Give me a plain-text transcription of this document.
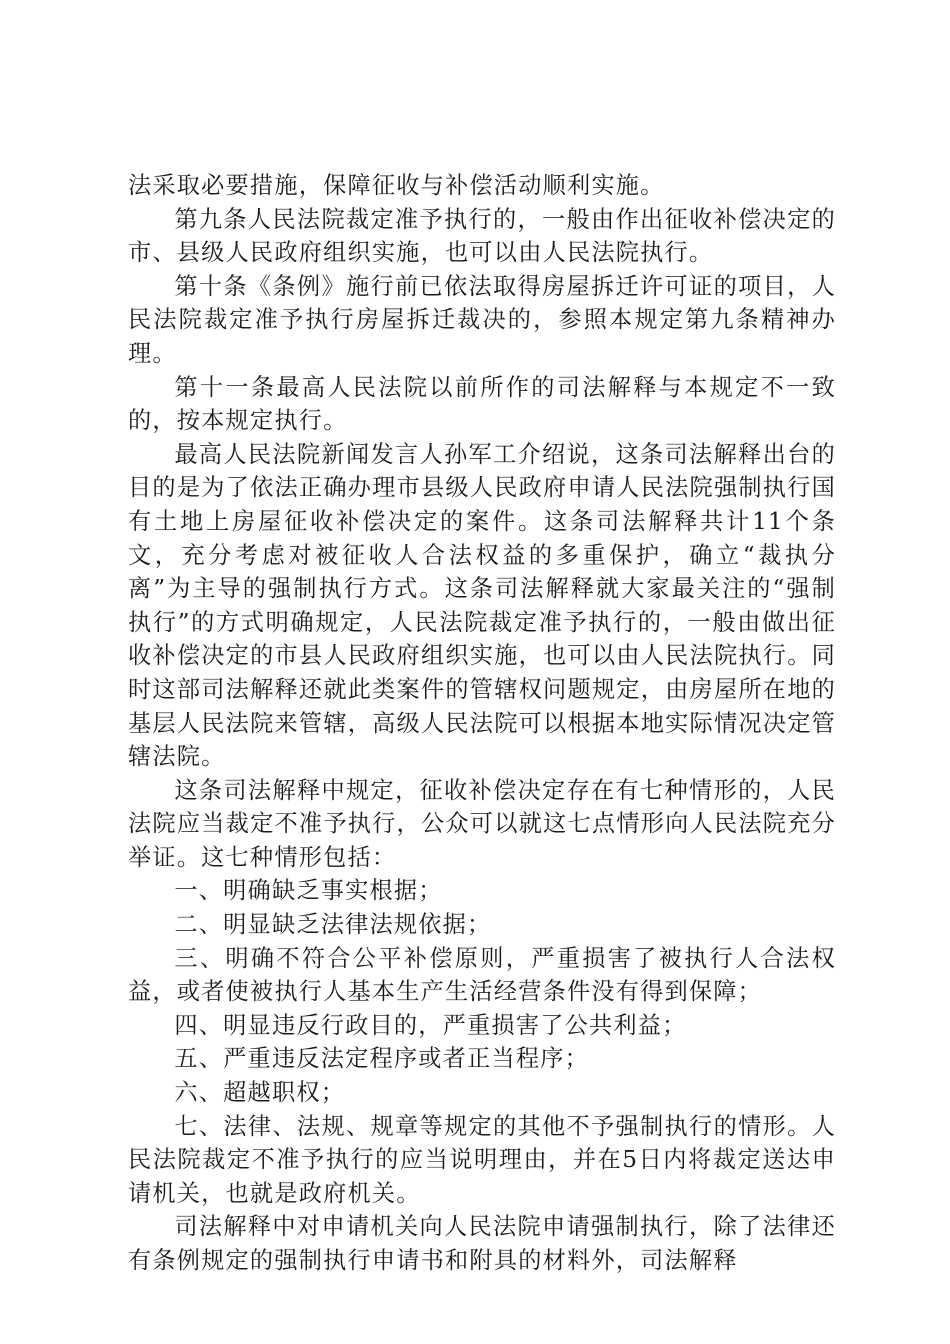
法采取必要措施，保障征收与补偿活动顺利实施。

第九条人民法院裁定准予执行的，一般由作出征收补偿决定的市、县级人民政府组织实施，也可以由人民法院执行。

第十条《条例》施行前已依法取得房屋拆迁许可证的项目，人民法院裁定准予执行房屋拆迁裁决的，参照本规定第九条精神办理。

第十一条最高人民法院以前所作的司法解释与本规定不一致的，按本规定执行。

最高人民法院新闻发言人孙军工介绍说，这条司法解释出台的目的是为了依法正确办理市县级人民政府申请人民法院强制执行国有土地上房屋征收补偿决定的案件。这条司法解释共计11个条文，充分考虑对被征收人合法权益的多重保护，确立“裁执分离”为主导的强制执行方式。这条司法解释就大家最关注的“强制执行”的方式明确规定，人民法院裁定准予执行的，一般由做出征收补偿决定的市县人民政府组织实施，也可以由人民法院执行。同时这部司法解释还就此类案件的管辖权问题规定，由房屋所在地的基层人民法院来管辖，高级人民法院可以根据本地实际情况决定管辖法院。

这条司法解释中规定，征收补偿决定存在有七种情形的，人民法院应当裁定不准予执行，公众可以就这七点情形向人民法院充分举证。这七种情形包括：

一、明确缺乏事实根据；

二、明显缺乏法律法规依据；

三、明确不符合公平补偿原则，严重损害了被执行人合法权益，或者使被执行人基本生产生活经营条件没有得到保障；

四、明显违反行政目的，严重损害了公共利益；

五、严重违反法定程序或者正当程序；

六、超越职权；

七、法律、法规、规章等规定的其他不予强制执行的情形。人民法院裁定不准予执行的应当说明理由，并在5日内将裁定送达申请机关，也就是政府机关。

司法解释中对申请机关向人民法院申请强制执行，除了法律还有条例规定的强制执行申请书和附具的材料外，司法解释
